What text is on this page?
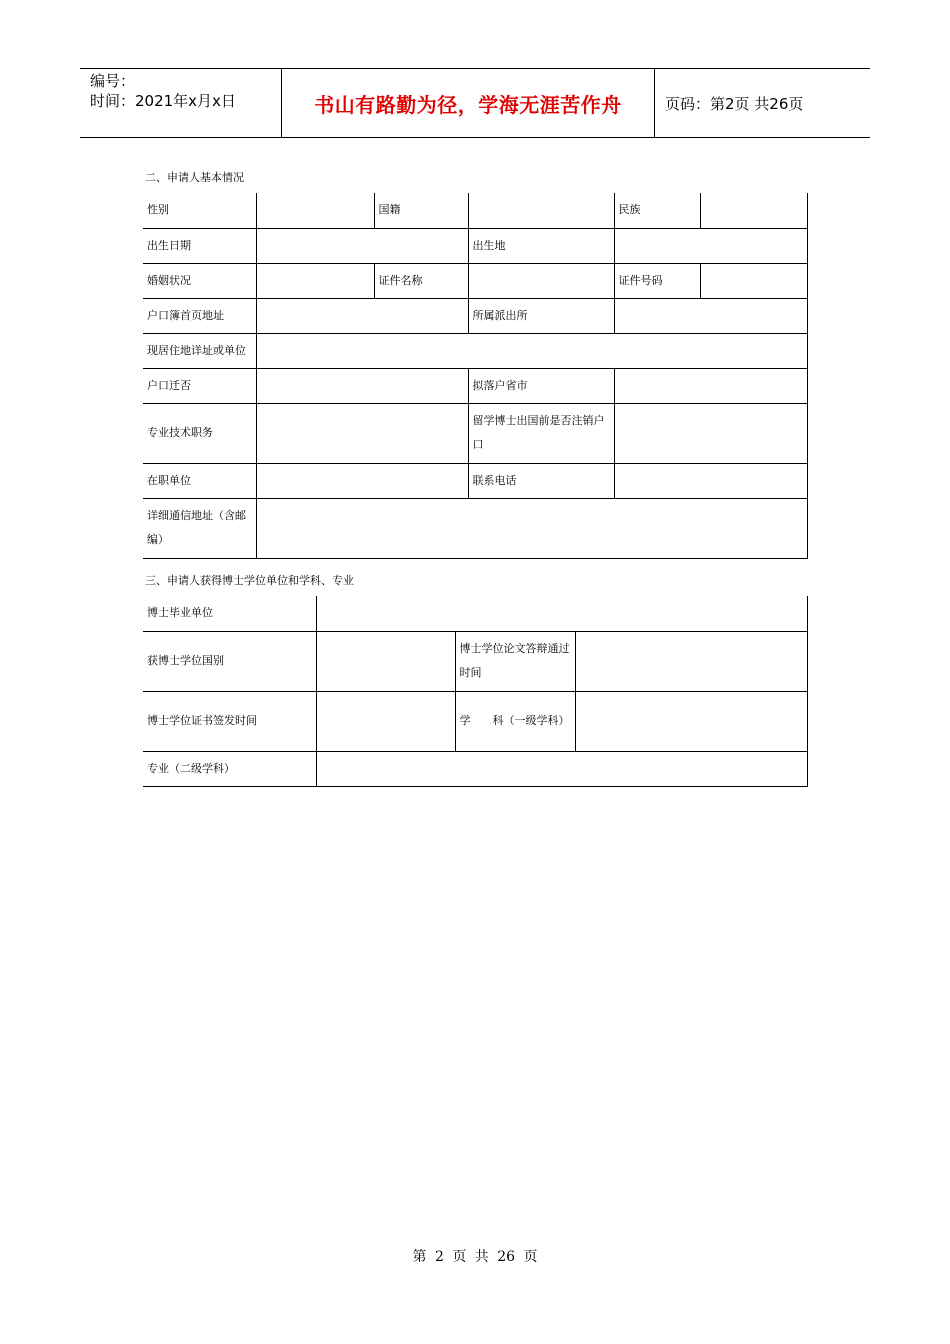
编号：
时间：2021年x月x日	书山有路勤为径，学海无涯苦作舟	页码：第2页 共26页
二、申请人基本情况
性别		国籍		民族	
出生日期			出生地		
婚姻状况		证件名称		证件号码	
户口簿首页地址			所属派出所		
现居住地详址或单位					
户口迁否			拟落户省市		
专业技术职务			留学博士出国前是否注销户口		
在职单位			联系电话		
详细通信地址（含邮编）					
三、申请人获得博士学位单位和学科、专业
博士毕业单位			
获博士学位国别		博士学位论文答辩通过时间	
博士学位证书签发时间		学　　科（一级学科）	
专业（二级学科）			
第 2 页 共 26 页
